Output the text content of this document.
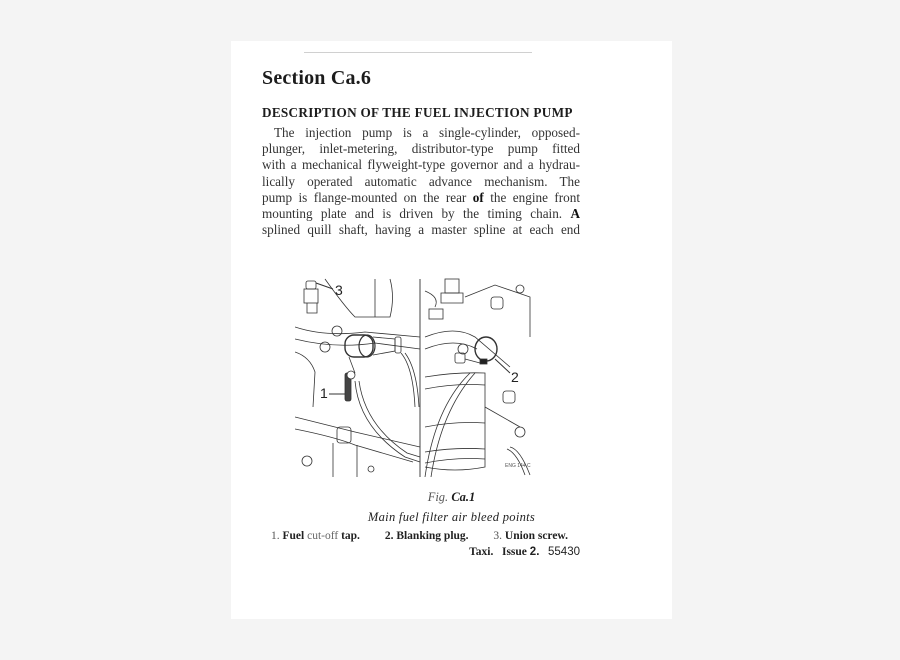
Section Ca.6
DESCRIPTION OF THE FUEL INJECTION PUMP
The injection pump is a single-cylinder, opposed-
plunger, inlet-metering, distributor-type pump fitted
with a mechanical flyweight-type governor and a hydrau-
lically operated automatic advance mechanism. The
pump is flange-mounted on the rear of the engine front
mounting plate and is driven by the timing chain. A
splined quill shaft, having a master spline at each end
3
1
2
ENG 144 C
Fig. Ca.1
Main fuel filter air bleed points
1. Fuel cut-off tap. 2. Blanking plug. 3. Union screw.
Taxi. Issue 2. 55430
